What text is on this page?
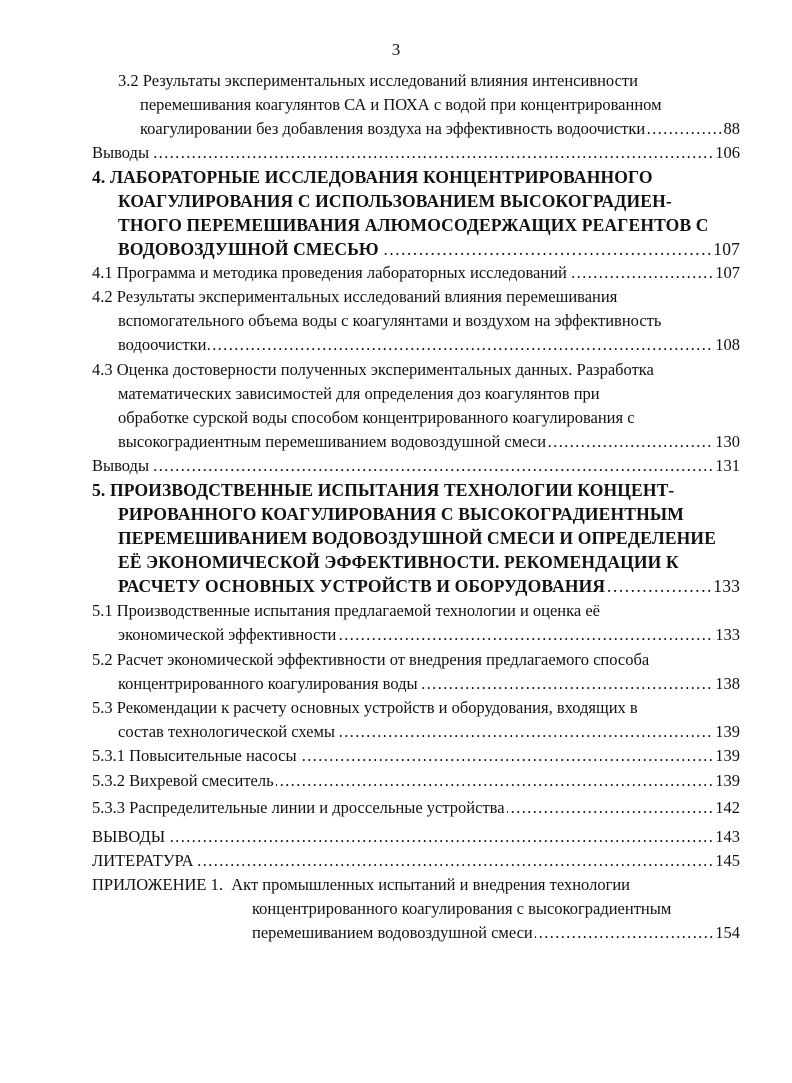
3
3.2 Результаты экспериментальных исследований влияния интенсивности
перемешивания коагулянтов СА и ПОХА с водой при концентрированном
…………………………………………………………………………………………………………………………………………………………………………………………………………………………………………
коагулировании без добавления воздуха на эффективность водоочистки	88
…………………………………………………………………………………………………………………………………………………………………………………………………………………………………………
Выводы	106
4. ЛАБОРАТОРНЫЕ ИССЛЕДОВАНИЯ КОНЦЕНТРИРОВАННОГО
КОАГУЛИРОВАНИЯ С ИСПОЛЬЗОВАНИЕМ ВЫСОКОГРАДИЕН-
ТНОГО ПЕРЕМЕШИВАНИЯ АЛЮМОСОДЕРЖАЩИХ РЕАГЕНТОВ С
…………………………………………………………………………………………………………………………………………………………………………………………………………………………………………
ВОДОВОЗДУШНОЙ СМЕСЬЮ	107
…………………………………………………………………………………………………………………………………………………………………………………………………………………………………………
4.1 Программа и методика проведения лабораторных исследований	107
4.2 Результаты экспериментальных исследований влияния перемешивания
вспомогательного объема воды с коагулянтами и воздухом на эффективность
…………………………………………………………………………………………………………………………………………………………………………………………………………………………………………
водоочистки	108
4.3 Оценка достоверности полученных экспериментальных данных. Разработка
математических зависимостей для определения доз коагулянтов при
обработке сурской воды способом концентрированного коагулирования с
…………………………………………………………………………………………………………………………………………………………………………………………………………………………………………
высокоградиентным перемешиванием водовоздушной смеси	130
…………………………………………………………………………………………………………………………………………………………………………………………………………………………………………
Выводы	131
5. ПРОИЗВОДСТВЕННЫЕ ИСПЫТАНИЯ ТЕХНОЛОГИИ КОНЦЕНТ-
РИРОВАННОГО КОАГУЛИРОВАНИЯ С ВЫСОКОГРАДИЕНТНЫМ
ПЕРЕМЕШИВАНИЕМ ВОДОВОЗДУШНОЙ СМЕСИ И ОПРЕДЕЛЕНИЕ
ЕЁ ЭКОНОМИЧЕСКОЙ ЭФФЕКТИВНОСТИ. РЕКОМЕНДАЦИИ К
…………………………………………………………………………………………………………………………………………………………………………………………………………………………………………
РАСЧЕТУ ОСНОВНЫХ УСТРОЙСТВ И ОБОРУДОВАНИЯ	133
5.1 Производственные испытания предлагаемой технологии и оценка её
…………………………………………………………………………………………………………………………………………………………………………………………………………………………………………
экономической эффективности	133
5.2 Расчет экономической эффективности от внедрения предлагаемого способа
…………………………………………………………………………………………………………………………………………………………………………………………………………………………………………
концентрированного коагулирования воды	138
5.3 Рекомендации к расчету основных устройств и оборудования, входящих в
…………………………………………………………………………………………………………………………………………………………………………………………………………………………………………
состав технологической схемы	139
…………………………………………………………………………………………………………………………………………………………………………………………………………………………………………
5.3.1 Повысительные насосы	139
…………………………………………………………………………………………………………………………………………………………………………………………………………………………………………
5.3.2 Вихревой смеситель	139
…………………………………………………………………………………………………………………………………………………………………………………………………………………………………………
5.3.3 Распределительные линии и дроссельные устройства	142
…………………………………………………………………………………………………………………………………………………………………………………………………………………………………………
ВЫВОДЫ	143
…………………………………………………………………………………………………………………………………………………………………………………………………………………………………………
ЛИТЕРАТУРА	145
ПРИЛОЖЕНИЕ 1.  Акт промышленных испытаний и внедрения технологии
концентрированного коагулирования с высокоградиентным
…………………………………………………………………………………………………………………………………………………………………………………………………………………………………………
перемешиванием водовоздушной смеси	154
